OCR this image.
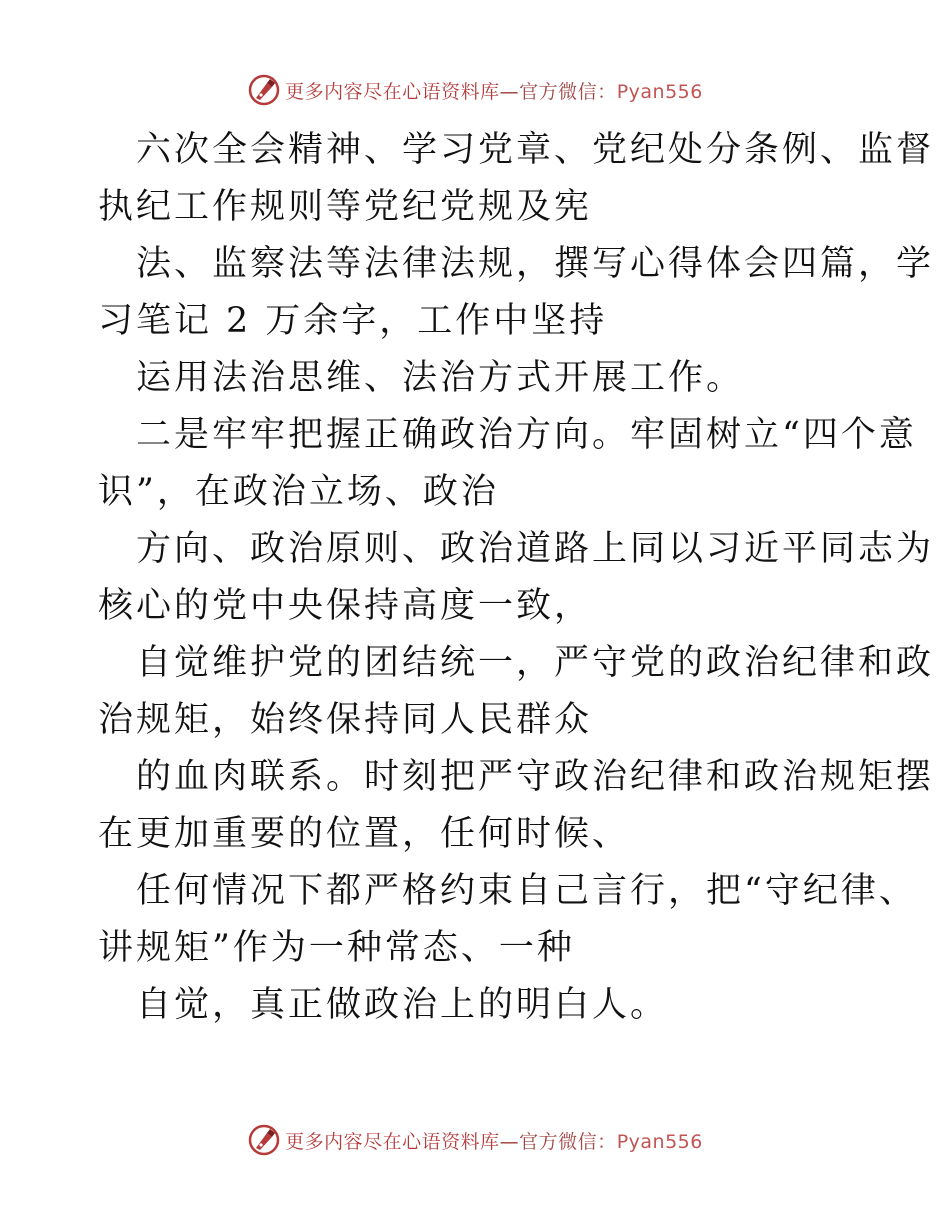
更多内容尽在心语资料库—官方微信：Pyan556

六次全会精神、学习党章、党纪处分条例、监督

执纪工作规则等党纪党规及宪

法、监察法等法律法规，撰写心得体会四篇，学

习笔记 2 万余字，工作中坚持

运用法治思维、法治方式开展工作。

二是牢牢把握正确政治方向。牢固树立“四个意

识”，在政治立场、政治

方向、政治原则、政治道路上同以习近平同志为

核心的党中央保持高度一致，

自觉维护党的团结统一，严守党的政治纪律和政

治规矩，始终保持同人民群众

的血肉联系。时刻把严守政治纪律和政治规矩摆

在更加重要的位置，任何时候、

任何情况下都严格约束自己言行，把“守纪律、

讲规矩”作为一种常态、一种

自觉，真正做政治上的明白人。

更多内容尽在心语资料库—官方微信：Pyan556
